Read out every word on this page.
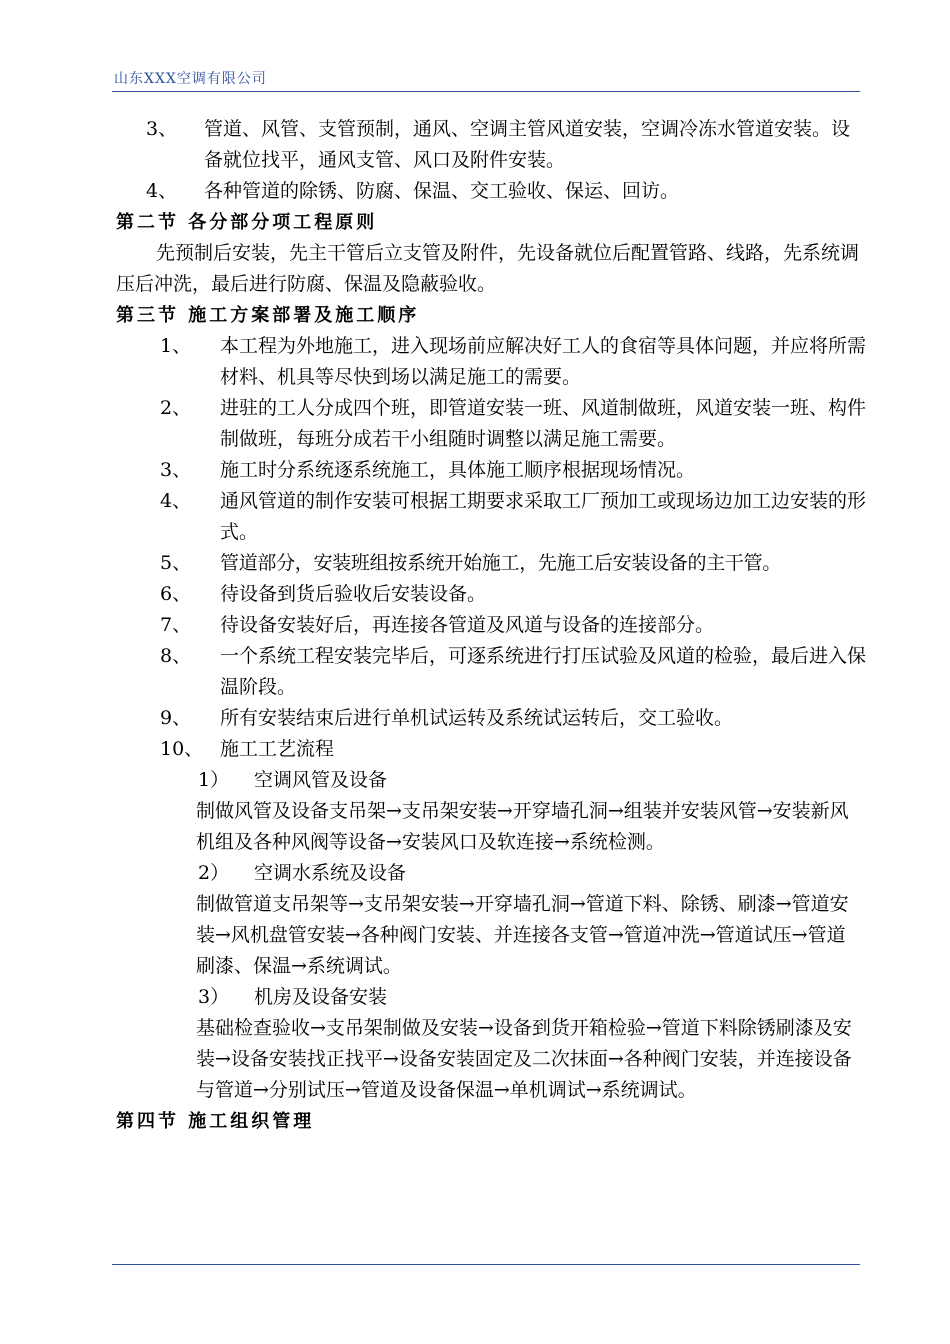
山东XXX空调有限公司
3、 管道、风管、支管预制，通风、空调主管风道安装，空调冷冻水管道安装。设备就位找平，通风支管、风口及附件安装。
4、 各种管道的除锈、防腐、保温、交工验收、保运、回访。
第二节 各分部分项工程原则
先预制后安装，先主干管后立支管及附件，先设备就位后配置管路、线路，先系统调压后冲洗，最后进行防腐、保温及隐蔽验收。
第三节 施工方案部署及施工顺序
1、 本工程为外地施工，进入现场前应解决好工人的食宿等具体问题，并应将所需材料、机具等尽快到场以满足施工的需要。
2、 进驻的工人分成四个班，即管道安装一班、风道制做班，风道安装一班、构件制做班，每班分成若干小组随时调整以满足施工需要。
3、 施工时分系统逐系统施工，具体施工顺序根据现场情况。
4、 通风管道的制作安装可根据工期要求采取工厂预加工或现场边加工边安装的形式。
5、 管道部分，安装班组按系统开始施工，先施工后安装设备的主干管。
6、 待设备到货后验收后安装设备。
7、 待设备安装好后，再连接各管道及风道与设备的连接部分。
8、 一个系统工程安装完毕后，可逐系统进行打压试验及风道的检验，最后进入保温阶段。
9、 所有安装结束后进行单机试运转及系统试运转后，交工验收。
10、 施工工艺流程
1） 空调风管及设备
制做风管及设备支吊架→支吊架安装→开穿墙孔洞→组装并安装风管→安装新风机组及各种风阀等设备→安装风口及软连接→系统检测。
2） 空调水系统及设备
制做管道支吊架等→支吊架安装→开穿墙孔洞→管道下料、除锈、刷漆→管道安装→风机盘管安装→各种阀门安装、并连接各支管→管道冲洗→管道试压→管道刷漆、保温→系统调试。
3） 机房及设备安装
基础检查验收→支吊架制做及安装→设备到货开箱检验→管道下料除锈刷漆及安装→设备安装找正找平→设备安装固定及二次抹面→各种阀门安装，并连接设备与管道→分别试压→管道及设备保温→单机调试→系统调试。
第四节 施工组织管理
